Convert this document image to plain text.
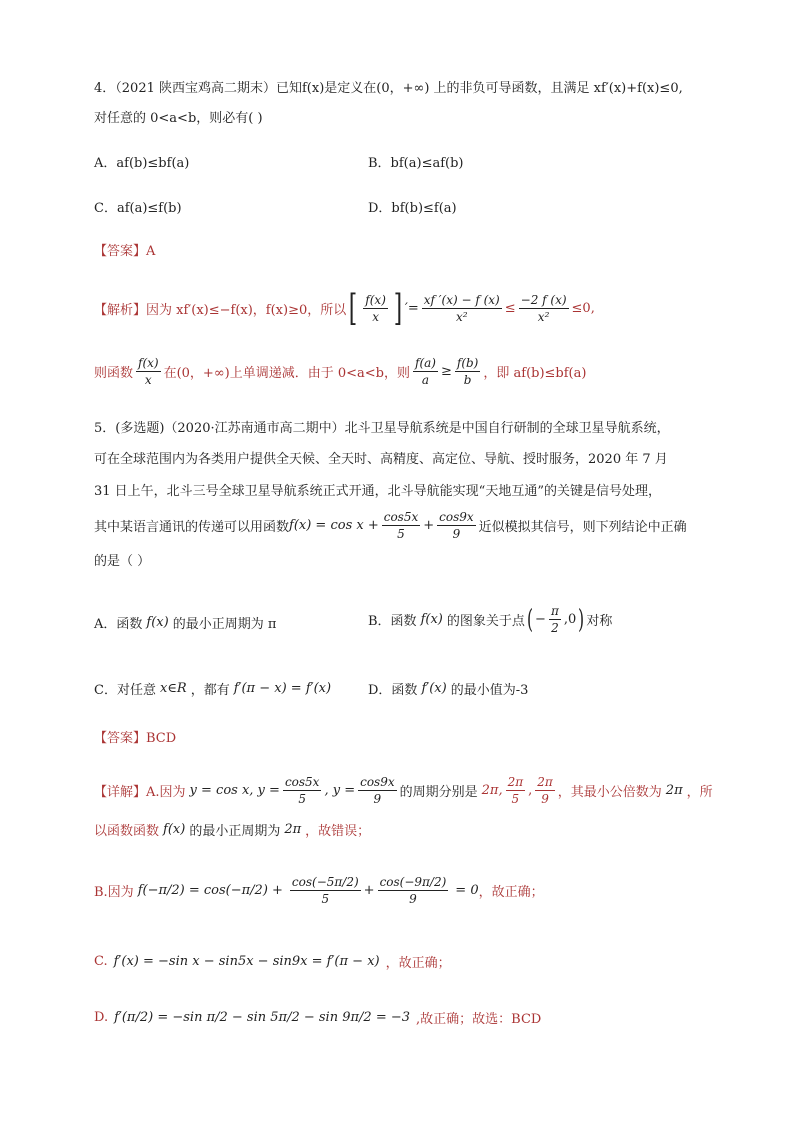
4．（2021 陕西宝鸡高二期末）已知f(x)是定义在(0，+∞) 上的非负可导函数，且满足 xf′(x)+f(x)≤0,
对任意的 0<a<b，则必有( )
A．af(b)≤bf(a)	B．bf(a)≤af(b)
C．af(a)≤f(b)	D．bf(b)≤f(a)
【答案】A
【解析】 因为 xf′(x)≤−f(x)，f(x)≥0，所以 [ $\frac{f(x)}{x}$ ] ′= $\frac{xf '(x) - f (x)}{\text{x²}} \le \frac{-2 f (x)}{\text{x²}} \le 0$,
则函数 $\frac{f(x)}{x}$ 在(0，+∞)上单调递减．由于 0<a<b，则 $\frac{f(a)}{a} \ge \frac{f(b)}{b}$ ，即 af(b)≤bf(a)
5．(多选题)（2020·江苏南通市高二期中）北斗卫星导航系统是中国自行研制的全球卫星导航系统，
可在全球范围内为各类用户提供全天候、全天时、高精度、高定位、导航、授时服务，2020 年 7 月
31 日上午，北斗三号全球卫星导航系统正式开通，北斗导航能实现“天地互通”的关键是信号处理，
其中某语言通讯的传递可以用函数 $f(x) = \cos x + \frac{\cos 5x}{5} + \frac{\cos 9x}{9}$ 近似模拟其信号，则下列结论中正确
的是（ ）
A．函数 f(x) 的最小正周期为 π	B．函数 f(x) 的图象关于点 ( − $\frac{\pi}{2} ,0$ ) 对称
C．对任意 x∈R ，都有 f′(π − x) = f′(x)	D．函数 f′(x) 的最小值为-3
【答案】BCD
【详解】 A.因为 y = cos x, $y = \frac{\cos 5x}{5}$ , $y = \frac{\cos 9x}{9}$ 的周期分别是 2π, $\frac{2\pi}{5}$ , $\frac{2\pi}{9}$ ，其最小公倍数为 2π ，所
以函数函数 f(x) 的最小正周期为 2π ，故错误；
B.因为 $f(-\pi/2) = \cos(-\pi/2) + \frac{\cos(-5\pi/2)}{5} + \frac{\cos(-9\pi/2)}{9} = 0$ ，故正确；
C. f′(x) = −sin x − sin5x − sin9x = f′(π − x) ，故正确；
D. f′(π/2) = −sin π/2 − sin 5π/2 − sin 9π/2 = −3 ,故正确；故选：BCD
